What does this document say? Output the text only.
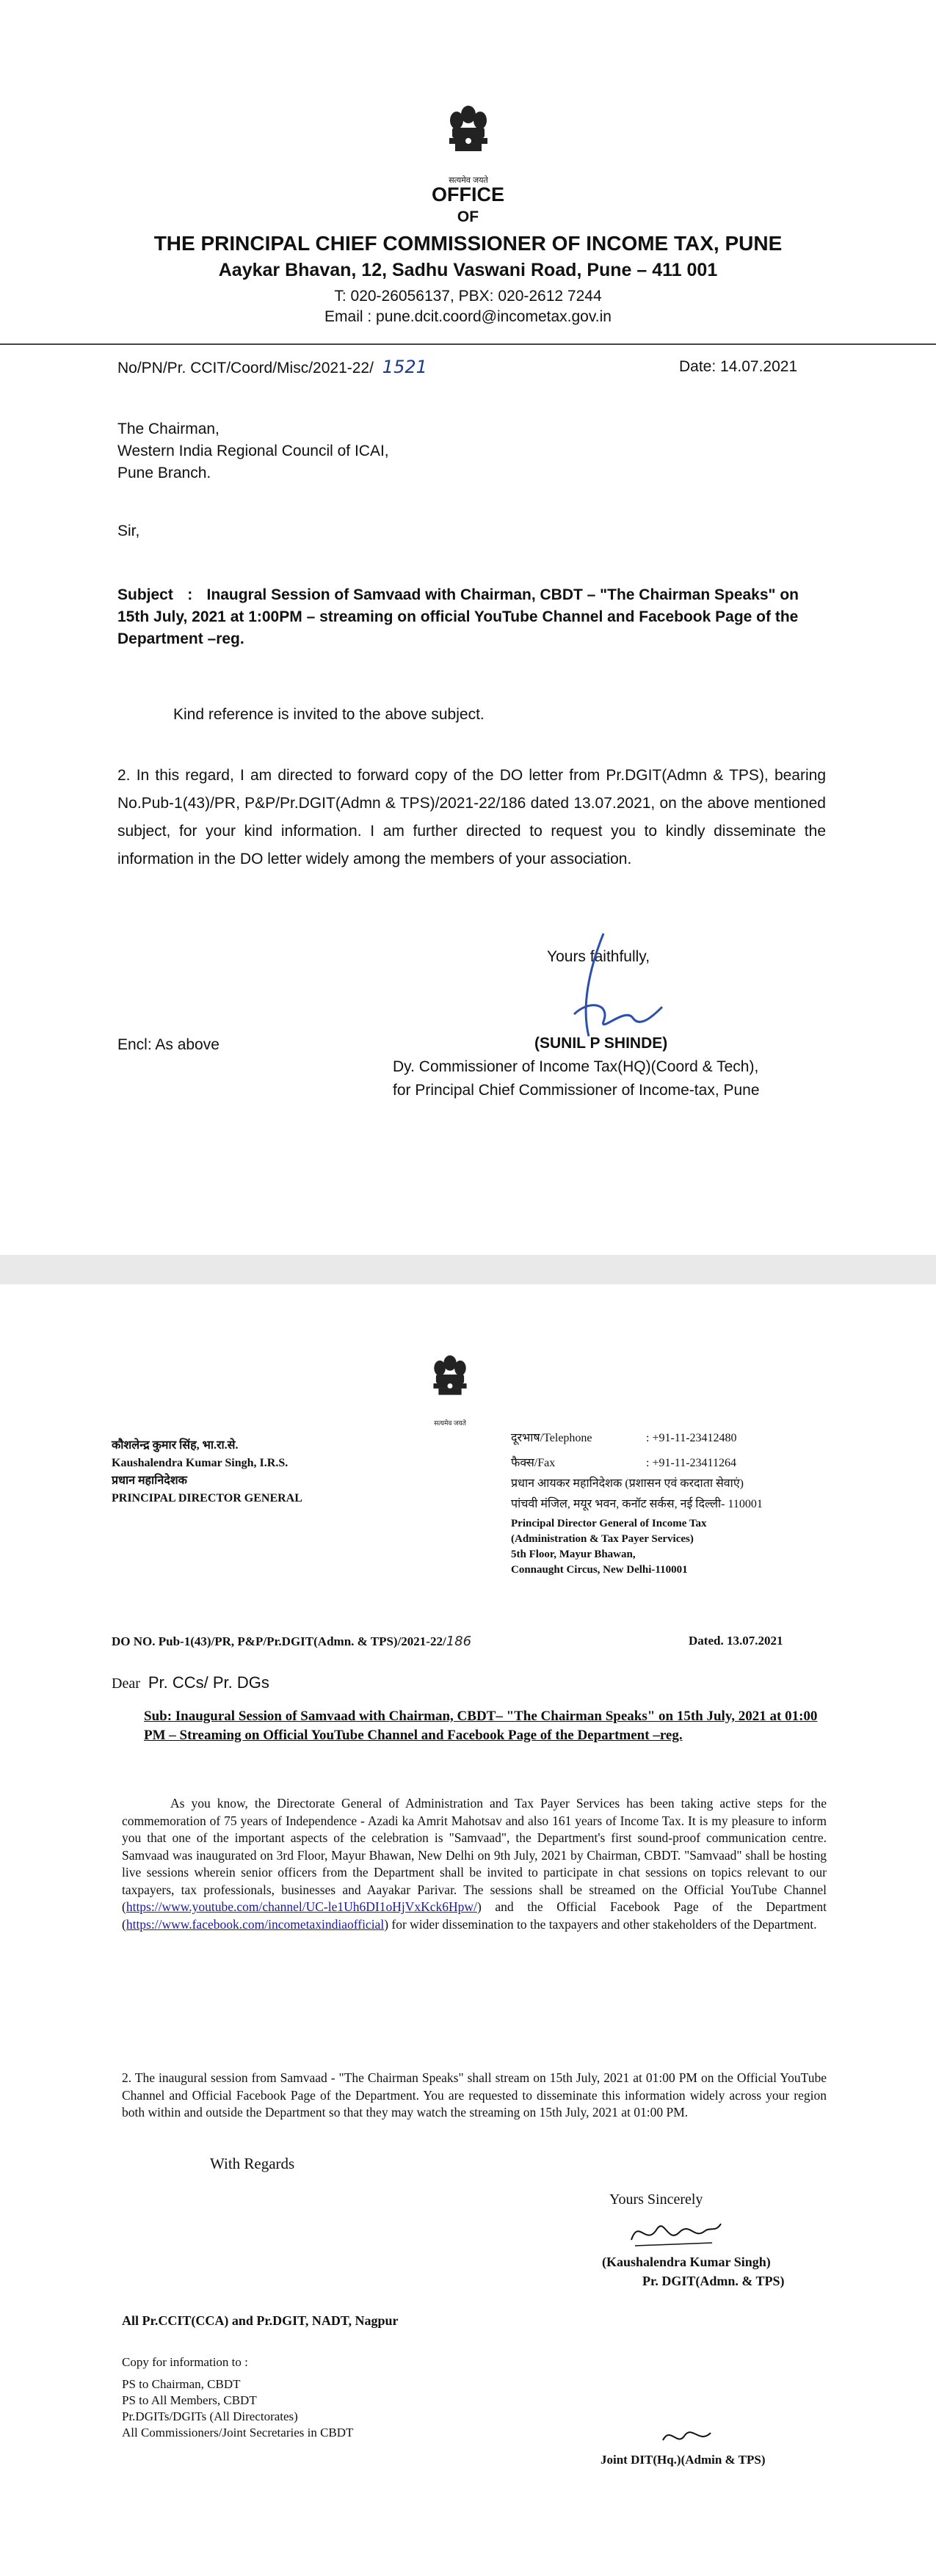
सत्यमेव जयते
OFFICE
OF
THE PRINCIPAL CHIEF COMMISSIONER OF INCOME TAX, PUNE
Aaykar Bhavan, 12, Sadhu Vaswani Road, Pune – 411 001
T: 020-26056137, PBX: 020-2612 7244
Email : pune.dcit.coord@incometax.gov.in
No/PN/Pr. CCIT/Coord/Misc/2021-22/ 1521	Date: 14.07.2021
The Chairman,
Western India Regional Council of ICAI,
Pune Branch.
Sir,
Subject : Inaugral Session of Samvaad with Chairman, CBDT – "The Chairman Speaks" on 15th July, 2021 at 1:00PM – streaming on official YouTube Channel and Facebook Page of the Department –reg.
Kind reference is invited to the above subject.
2. In this regard, I am directed to forward copy of the DO letter from Pr.DGIT(Admn & TPS), bearing No.Pub-1(43)/PR, P&P/Pr.DGIT(Admn & TPS)/2021-22/186 dated 13.07.2021, on the above mentioned subject, for your kind information. I am further directed to request you to kindly disseminate the information in the DO letter widely among the members of your association.
Yours faithfully,
Encl: As above	(SUNIL P SHINDE)
Dy. Commissioner of Income Tax(HQ)(Coord & Tech),
for Principal Chief Commissioner of Income-tax, Pune
सत्यमेव जयते
कौशलेन्द्र कुमार सिंह, भा.रा.से.
Kaushalendra Kumar Singh, I.R.S.
प्रधान महानिदेशक
PRINCIPAL DIRECTOR GENERAL
दूरभाष/Telephone	: +91-11-23412480
फैक्स/Fax	: +91-11-23411264
प्रधान आयकर महानिदेशक (प्रशासन एवं करदाता सेवाएं)
पांचवी मंजिल, मयूर भवन, कनॉट सर्कस, नई दिल्ली- 110001
Principal Director General of Income Tax
(Administration & Tax Payer Services)
5th Floor, Mayur Bhawan,
Connaught Circus, New Delhi-110001
DO NO. Pub-1(43)/PR, P&P/Pr.DGIT(Admn. & TPS)/2021-22/186	Dated. 13.07.2021
Dear Pr. CCs/ Pr. DGs
Sub: Inaugural Session of Samvaad with Chairman, CBDT– "The Chairman Speaks" on 15th July, 2021 at 01:00 PM – Streaming on Official YouTube Channel and Facebook Page of the Department –reg.
As you know, the Directorate General of Administration and Tax Payer Services has been taking active steps for the commemoration of 75 years of Independence - Azadi ka Amrit Mahotsav and also 161 years of Income Tax. It is my pleasure to inform you that one of the important aspects of the celebration is "Samvaad", the Department's first sound-proof communication centre. Samvaad was inaugurated on 3rd Floor, Mayur Bhawan, New Delhi on 9th July, 2021 by Chairman, CBDT. "Samvaad" shall be hosting live sessions wherein senior officers from the Department shall be invited to participate in chat sessions on topics relevant to our taxpayers, tax professionals, businesses and Aayakar Parivar. The sessions shall be streamed on the Official YouTube Channel (https://www.youtube.com/channel/UC-le1Uh6DI1oHjVxKck6Hpw/) and the Official Facebook Page of the Department (https://www.facebook.com/incometaxindiaofficial) for wider dissemination to the taxpayers and other stakeholders of the Department.
2. The inaugural session from Samvaad - "The Chairman Speaks" shall stream on 15th July, 2021 at 01:00 PM on the Official YouTube Channel and Official Facebook Page of the Department. You are requested to disseminate this information widely across your region both within and outside the Department so that they may watch the streaming on 15th July, 2021 at 01:00 PM.
With Regards
Yours Sincerely
(Kaushalendra Kumar Singh)
Pr. DGIT(Admn. & TPS)
All Pr.CCIT(CCA) and Pr.DGIT, NADT, Nagpur
Copy for information to :
PS to Chairman, CBDT
PS to All Members, CBDT
Pr.DGITs/DGITs (All Directorates)
All Commissioners/Joint Secretaries in CBDT
Joint DIT(Hq.)(Admin & TPS)
